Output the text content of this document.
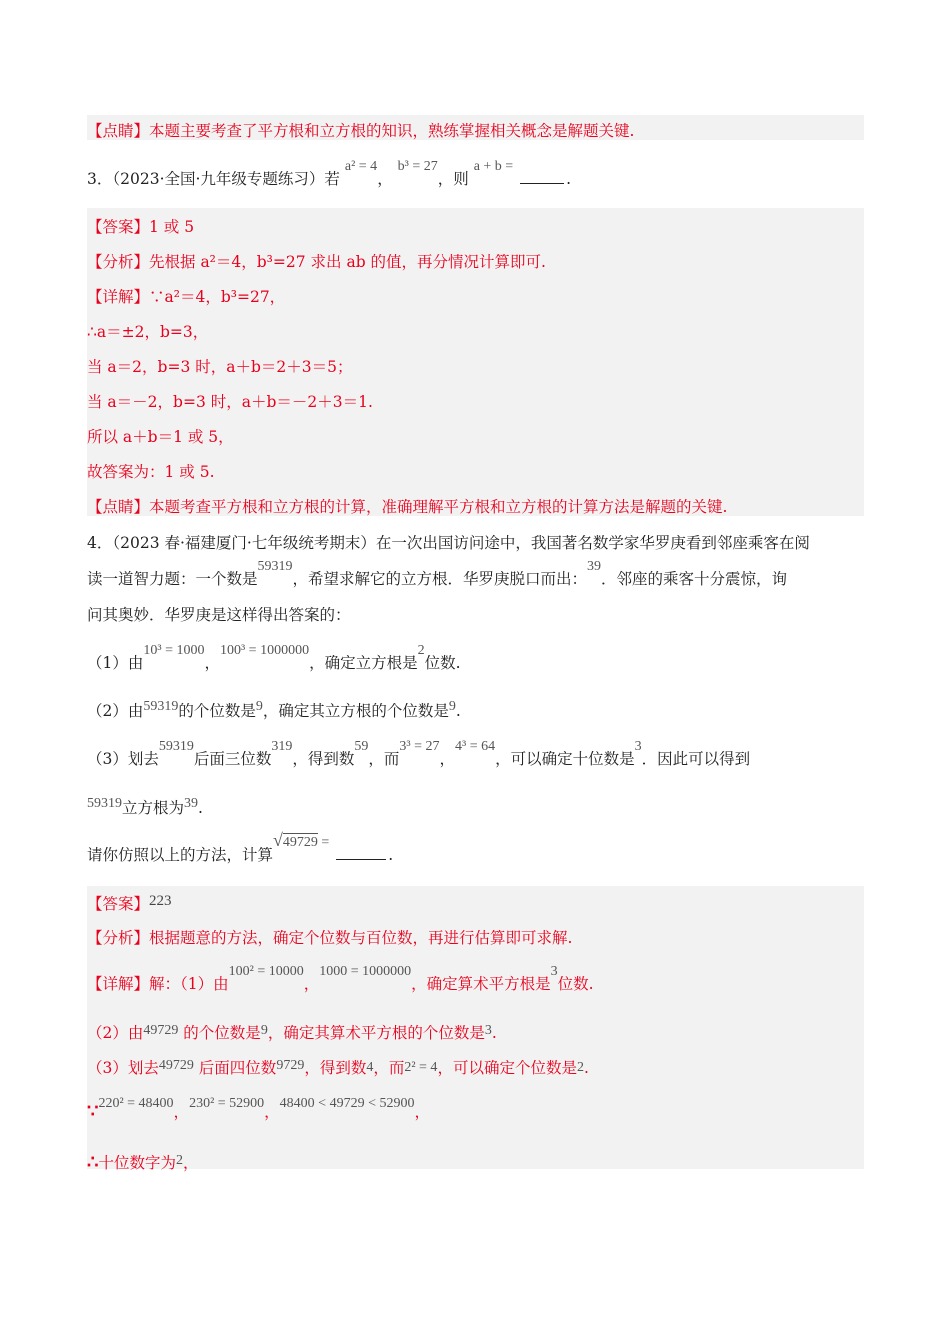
【点睛】本题主要考查了平方根和立方根的知识，熟练掌握相关概念是解题关键.
3．（2023·全国·九年级专题练习）若 a² = 4， b³ = 27，则 a + b = .
【答案】1 或 5
【分析】先根据 a²＝4，b³=27 求出 ab 的值，再分情况计算即可.
【详解】∵a²＝4，b³=27，
∴a＝±2，b=3，
当 a＝2，b=3 时，a＋b＝2＋3＝5；
当 a＝－2，b=3 时，a＋b＝－2＋3＝1.
所以 a＋b＝1 或 5，
故答案为：1 或 5.
【点睛】本题考查平方根和立方根的计算，准确理解平方根和立方根的计算方法是解题的关键.
4．（2023 春·福建厦门·七年级统考期末）在一次出国访问途中，我国著名数学家华罗庚看到邻座乘客在阅
读一道智力题：一个数是59319，希望求解它的立方根．华罗庚脱口而出：39．邻座的乘客十分震惊，询
问其奥妙．华罗庚是这样得出答案的：
（1）由10³ = 1000，100³ = 1000000，确定立方根是2位数.
（2）由59319的个位数是9，确定其立方根的个位数是9.
（3）划去59319后面三位数319，得到数59，而3³ = 27，4³ = 64，可以确定十位数是3．因此可以得到
59319立方根为39.
请你仿照以上的方法，计算√49729 = .
【答案】223
【分析】根据题意的方法，确定个位数与百位数，再进行估算即可求解.
【详解】解：（1）由100² = 10000，1000 = 1000000，确定算术平方根是3位数.
（2）由49729 的个位数是9，确定其算术平方根的个位数是3.
（3）划去49729 后面四位数9729，得到数4，而2² = 4，可以确定个位数是2.
∵220² = 48400，230² = 52900，48400 < 49729 < 52900，
∴十位数字为2，
